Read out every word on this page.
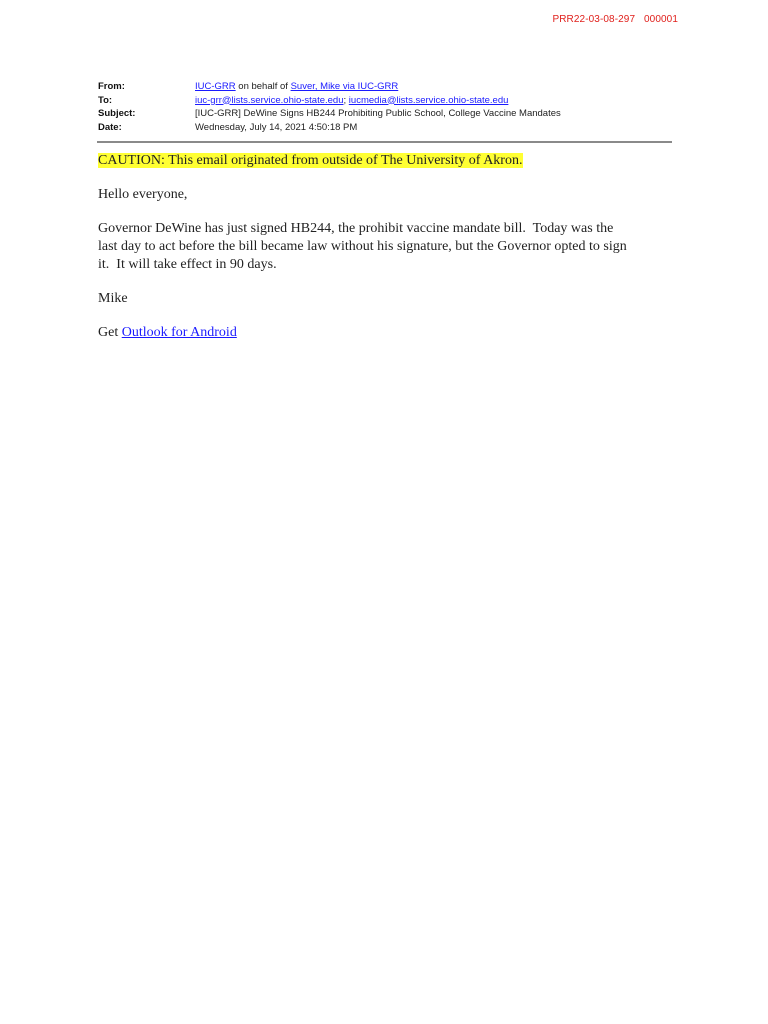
PRR22-03-08-297 000001
From:	IUC-GRR on behalf of Suver, Mike via IUC-GRR
To:	iuc-grr@lists.service.ohio-state.edu; iucmedia@lists.service.ohio-state.edu
Subject:	[IUC-GRR] DeWine Signs HB244 Prohibiting Public School, College Vaccine Mandates
Date:	Wednesday, July 14, 2021 4:50:18 PM

CAUTION: This email originated from outside of The University of Akron.

Hello everyone,

Governor DeWine has just signed HB244, the prohibit vaccine mandate bill.  Today was the
last day to act before the bill became law without his signature, but the Governor opted to sign
it.  It will take effect in 90 days.

Mike

Get Outlook for Android
